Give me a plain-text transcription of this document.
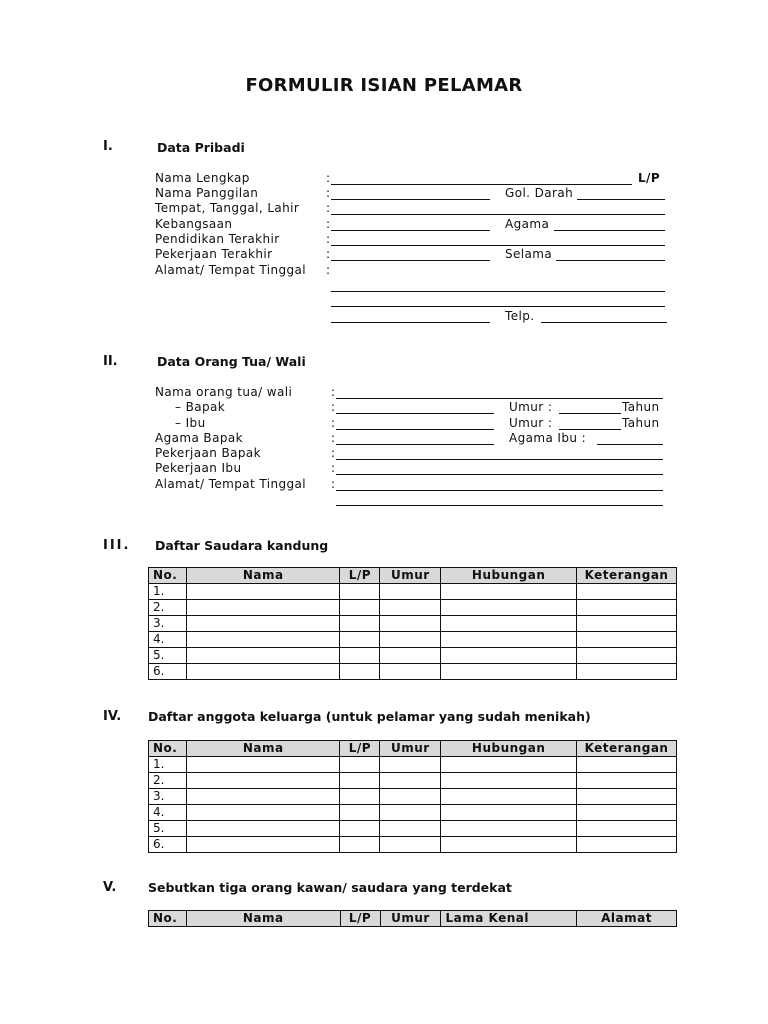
FORMULIR ISIAN PELAMAR
I.	Data Pribadi
Nama Lengkap	:	L/P
Nama Panggilan	:	Gol. Darah
Tempat, Tanggal, Lahir :
Kebangsaan	:	Agama
Pendidikan Terakhir	:
Pekerjaan Terakhir	:	Selama
Alamat/ Tempat Tinggal :
Telp.
II.	Data Orang Tua/ Wali
Nama orang tua/ wali	:
– Bapak	:	Umur :	Tahun
– Ibu	:	Umur :	Tahun
Agama Bapak	:	Agama Ibu :
Pekerjaan Bapak	:
Pekerjaan Ibu	:
Alamat/ Tempat Tinggal :
III. Daftar Saudara kandung
No.	Nama	L/P	Umur	Hubungan	Keterangan
1.					
2.					
3.					
4.					
5.					
6.					
IV. Daftar anggota keluarga (untuk pelamar yang sudah menikah)
No.	Nama	L/P	Umur	Hubungan	Keterangan
1.					
2.					
3.					
4.					
5.					
6.					
V.	Sebutkan tiga orang kawan/ saudara yang terdekat
No.	Nama	L/P	Umur	Lama Kenal	Alamat
